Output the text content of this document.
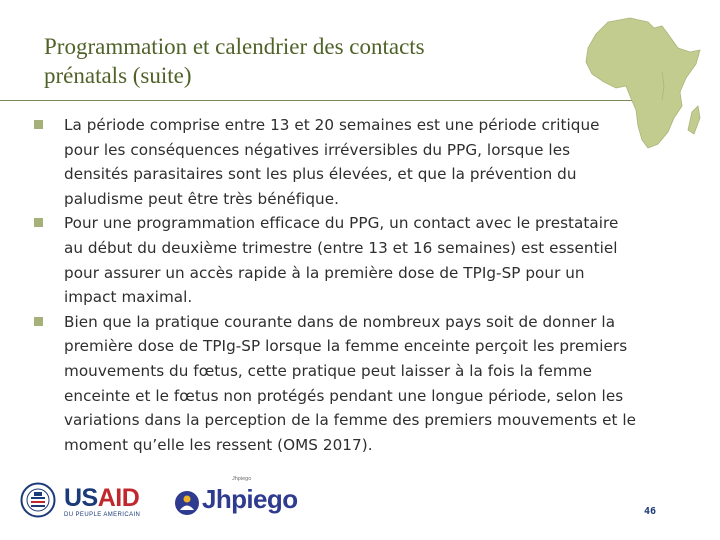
Programmation et calendrier des contacts
prénatals (suite)
La période comprise entre 13 et 20 semaines est une période critique
pour les conséquences négatives irréversibles du PPG, lorsque les
densités parasitaires sont les plus élevées, et que la prévention du
paludisme peut être très bénéfique.
Pour une programmation efficace du PPG, un contact avec le prestataire
au début du deuxième trimestre (entre 13 et 16 semaines) est essentiel
pour assurer un accès rapide à la première dose de TPIg-SP pour un
impact maximal.
Bien que la pratique courante dans de nombreux pays soit de donner la
première dose de TPIg-SP lorsque la femme enceinte perçoit les premiers
mouvements du fœtus, cette pratique peut laisser à la fois la femme
enceinte et le fœtus non protégés pendant une longue période, selon les
variations dans la perception de la femme des premiers mouvements et le
moment qu’elle les ressent (OMS 2017).
USAID
DU PEUPLE AMERICAIN
Jhpiego
Jhpiego	46
